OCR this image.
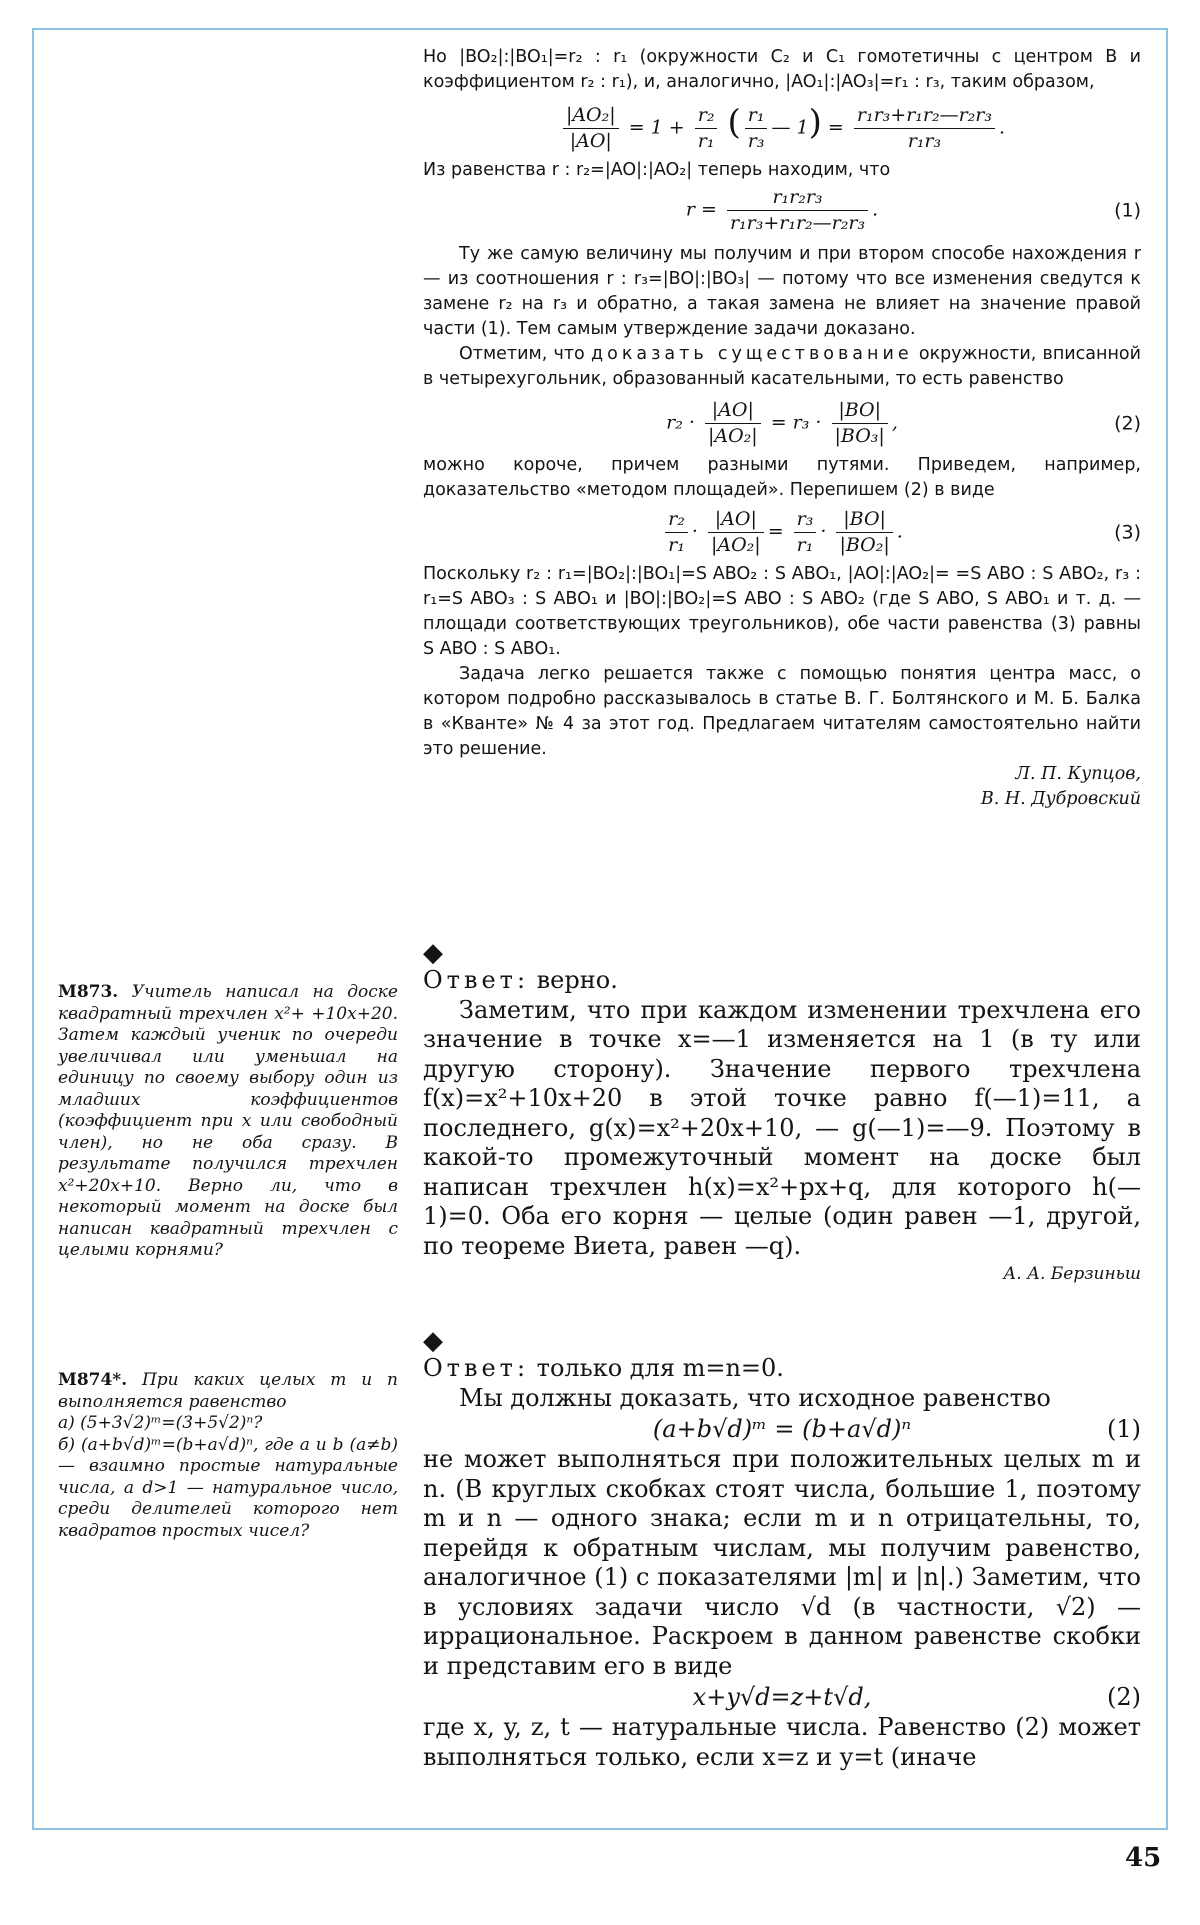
Но |BO₂|:|BO₁|=r₂ : r₁ (окружности C₂ и C₁ гомотетичны с центром B и коэффициентом r₂ : r₁), и, аналогично, |AO₁|:|AO₃|=r₁ : r₃, таким образом,

$\frac{\text{|AO₂|}}{|AO|} = 1 + \frac{\text{r₂}}{\text{r₁}}$ ( $\frac{\text{r₁}}{\text{r₃}}$ — $1) = \frac{\text{r₁r₃+r₁r₂—r₂r₃}}{\text{r₁r₃}}$ .

Из равенства r : r₂=|AO|:|AO₂| теперь находим, что

$r = \frac{\text{r₁r₂r₃}}{\text{r₁r₃+r₁r₂—r₂r₃}}$ .	(1)

Ту же самую величину мы получим и при втором способе нахождения r — из соотношения r : r₃=|BO|:|BO₃| — потому что все изменения сведутся к замене r₂ на r₃ и обратно, а такая замена не влияет на значение правой части (1). Тем самым утверждение задачи доказано.

Отметим, что доказать существование окружности, вписанной в четырехугольник, образованный касательными, то есть равенство

$r_2 \cdot \frac{|AO|}{\text{|AO₂|}} = r_3 \cdot \frac{|BO|}{\text{|BO₃|}}$ ,	(2)

можно короче, причем разными путями. Приведем, например, доказательство «методом площадей». Перепишем (2) в виде

$\frac{\text{r₂}}{\text{r₁}} \cdot \frac{|AO|}{\text{|AO₂|}} = \frac{\text{r₃}}{\text{r₁}} \cdot \frac{|BO|}{\text{|BO₂|}}$ .	(3)

Поскольку r₂ : r₁=|BO₂|:|BO₁|=S ABO₂ : S ABO₁, |AO|:|AO₂|= =S ABO : S ABO₂, r₃ : r₁=S ABO₃ : S ABO₁ и |BO|:|BO₂|=S ABO : S ABO₂ (где S ABO, S ABO₁ и т. д. — площади соответствующих треугольников), обе части равенства (3) равны S ABO : S ABO₁.

Задача легко решается также с помощью понятия центра масс, о котором подробно рассказывалось в статье В. Г. Болтянского и М. Б. Балка в «Кванте» № 4 за этот год. Предлагаем читателям самостоятельно найти это решение.

Л. П. Купцов,
В. Н. Дубровский
М873. Учитель написал на доске квадратный трехчлен x²+ +10x+20. Затем каждый ученик по очереди увеличивал или уменьшал на единицу по своему выбору один из младших коэффициентов (коэффициент при x или свободный член), но не оба сразу. В результате получился трехчлен x²+20x+10. Верно ли, что в некоторый момент на доске был написан квадратный трехчлен с целыми корнями?
◆

Ответ: верно.

Заметим, что при каждом изменении трехчлена его значение в точке x=—1 изменяется на 1 (в ту или другую сторону). Значение первого трехчлена f(x)=x²+10x+20 в этой точке равно f(—1)=11, а последнего, g(x)=x²+20x+10, — g(—1)=—9. Поэтому в какой-то промежуточный момент на доске был написан трехчлен h(x)=x²+px+q, для которого h(—1)=0. Оба его корня — целые (один равен —1, другой, по теореме Виета, равен —q).

А. А. Берзиньш
М874*. При каких целых m и n выполняется равенство
а) (5+3√2)ᵐ=(3+5√2)ⁿ?
б) (a+b√d)ᵐ=(b+a√d)ⁿ, где a и b (a≠b) — взаимно простые натуральные числа, а d>1 — натуральное число, среди делителей которого нет квадратов простых чисел?
◆

Ответ: только для m=n=0.

Мы должны доказать, что исходное равенство

(a+b√d)ᵐ = (b+a√d)ⁿ	(1)

не может выполняться при положительных целых m и n. (В круглых скобках стоят числа, большие 1, поэтому m и n — одного знака; если m и n отрицательны, то, перейдя к обратным числам, мы получим равенство, аналогичное (1) с показателями |m| и |n|.) Заметим, что в условиях задачи число √d (в частности, √2) — иррациональное. Раскроем в данном равенстве скобки и представим его в виде

x+y√d=z+t√d,	(2)

где x, y, z, t — натуральные числа. Равенство (2) может выполняться только, если x=z и y=t (иначе

45
